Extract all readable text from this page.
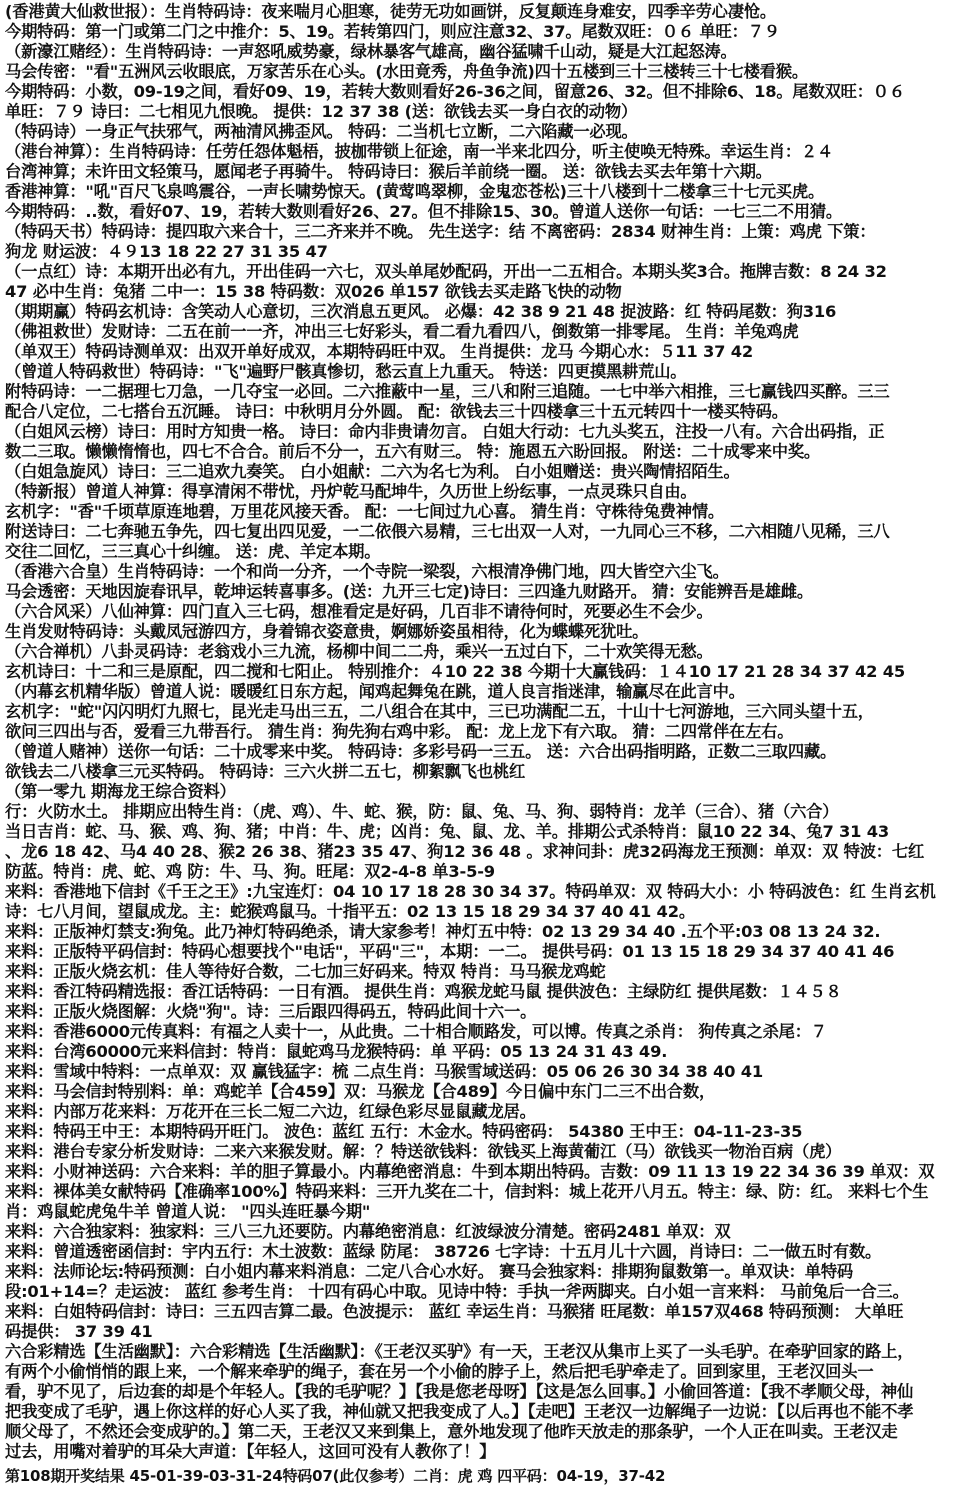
(香港黄大仙救世报）：生肖特码诗：夜来喘月心胆寒，徒劳无功如画饼，反复颠连身难安，四季辛劳心凄怆。
今期特码：第一门或第二门之中推介：5、19。若转第四门，则应注意32、37。尾数双旺：０６ 单旺：７９
（新濠江赌经）：生肖特码诗：一声怒吼威势豪，绿林暴客气雄高，幽谷猛啸千山动，疑是大江起怒涛。
马会传密："看"五洲风云收眼底，万家苦乐在心头。(水田竟秀，舟鱼争流)四十五楼到三十三楼转三十七楼看猴。
今期特码：小数，09-19之间，看好09、19，若转大数则看好26-36之间，留意26、32。但不排除6、18。尾数双旺：０６
单旺：７９ 诗曰：二七相见九恨晚。 提供：12 37 38 (送：欲钱去买一身白衣的动物）
（特码诗）一身正气扶邪气，两袖清风拂歪风。 特码：二当机七立断，二六陷藏一必现。
（港台神算）：生肖特码诗：任劳任怨体魁梧，披枷带锁上征途，南一半来北四分，听主使唤无特殊。幸运生肖：２４
台湾神算；未许田文轻策马，愿闻老子再骑牛。 特码诗曰：猴后羊前绕一圈。 送：欲钱去买去年第十六期。
香港神算："吼"百尺飞泉鸣震谷，一声长啸势惊天。(黄莺鸣翠柳，金鬼恋苍松)三十八楼到十二楼拿三十七元买虎。
今期特码：..数，看好07、19，若转大数则看好26、27。但不排除15、30。曾道人送你一句话：一七三二不用猜。
（特码天书）特码诗：提四取六来合十，三二齐来并不晚。 先生送字：结 不离密码：2834 财神生肖：上策：鸡虎 下策：
狗龙 财运波：４９13 18 22 27 31 35 47
（一点红）诗：本期开出必有九，开出佳码一六七，双头单尾妙配码，开出一二五相合。本期头奖3合。拖牌吉数：8 24 32
47 必中生肖：兔猪 二中一：15 38 特码数：双026 单157 欲钱去买走路飞快的动物
（期期赢）特码玄机诗：含笑动人心意切，三次消息五更风。 必爆：42 38 9 21 48 捉波路：红 特码尾数：狗316
（佛祖救世）发财诗：二五在前一一齐，冲出三七好彩头，看二看九看四八，倒数第一排零尾。 生肖：羊兔鸡虎
（单双王）特码诗测单双：出双开单好成双，本期特码旺中双。 生肖提供：龙马 今期心水：５11 37 42
（曾道人特码救世）特码诗："飞"遍野尸骸真惨切，愁云直上九重天。 特送：四更摸黑耕荒山。
附特码诗：一二据理七刀急，一几夺宝一必回。二六推蔽中一星，三八和附三追随。一七中举六相推，三七赢钱四买醉。三三
配合八定位，二七搭台五沉睡。 诗曰：中秋明月分外圆。 配：欲钱去三十四楼拿三十五元转四十一楼买特码。
（白姐风云榜）诗曰：用时方知贵一格。 诗曰：命内非贵请勿言。 白姐大行动：七九头奖五，注投一八有。六合出码指，正
数二三取。懒懒惰惰也，四七不合合。前后不分一，五六有财三。 特：施恩五六盼回报。 附送：二十成零来中奖。
（白姐急旋风）诗曰：三二追欢九奏笑。 白小姐献：二六为名七为利。 白小姐赠送：贵兴陶情招陌生。
（特新报）曾道人神算：得享清闲不带忧，丹炉乾马配坤牛，久历世上纷纭事，一点灵珠只自由。
玄机字："香"千顷草原连地碧，万里花风接天香。 配：一七间过九心喜。 猜生肖：守株待兔费神情。
附送诗曰：二七奔驰五争先，四七复出四见爱，一二依偎六易精，三七出双一人对，一九同心三不移，二六相随八见稀，三八
交往二回忆，三三真心十纠缠。 送：虎、羊定本期。
（香港六合皇）生肖特码诗：一个和尚一分齐，一个寺院一梁裂，六根清净佛门地，四大皆空六尘飞。
马会透密：天地因旋春讯早，乾坤运转喜事多。(送：九开三七定)诗曰：三四逢九财路开。 猜：安能辨吾是雄雌。
（六合风采）八仙神算：四门直入三七码，想准看定是好码，几百非不请待何时，死要必生不会少。
生肖发财特码诗：头戴凤冠游四方，身着锦衣姿意贵，婀娜娇姿虽相待，化为蝶蝶死犹吐。
（六合禅机）八卦灵码诗：老翁戏小三九流，杨柳中间二二舟，乘兴一五过白下，二十欢笑得无愁。
玄机诗曰：十二和三是原配，四二搅和七阳止。 特别推介：４10 22 38 今期十大赢钱码：１４10 17 21 28 34 37 42 45
（内幕玄机精华版）曾道人说：暖暖红日东方起，闻鸡起舞兔在跳，道人良言指迷津，输赢尽在此言中。
玄机字："蛇"闪闪明灯九照七，昆光走马出三五，二八组合在其中，三已功满配二五，十山十七河游地，三六同头望十五，
欲问三四出与否，爱看三九带吾行。 猜生肖：狗先狗右鸡中彩。 配：龙上龙下有六取。 猜：二四常伴在左右。
（曾道人赌神）送你一句话：二十成零来中奖。 特码诗：多彩号码一三五。 送：六合出码指明路，正数二三取四藏。
欲钱去二八楼拿三元买特码。 特码诗：三六火拼二五七，柳絮飘飞也桃红
（第一零九 期海龙王综合资料）
行：火防水土。 排期应出特生肖：（虎、鸡）、牛、蛇、猴，防：鼠、兔、马、狗、弱特肖：龙羊（三合）、猪（六合）
当日吉肖：蛇、马、猴、鸡、狗、猪；中肖：牛、虎；凶肖：兔、鼠、龙、羊。排期公式杀特肖：鼠10 22 34、兔7 31 43
、龙6 18 42、马4 40 28、猴2 26 38、猪23 35 47、狗12 36 48 。求神问卦：虎32码海龙王预测：单双：双 特波：七红
防蓝。特肖：虎、蛇、鸡 防：牛、马、狗。旺尾：双2-4-8 单3-5-9
来料：香港地下信封《千王之王》:九宝连灯：04 10 17 18 28 30 34 37。特码单双：双 特码大小：小 特码波色：红 生肖玄机
诗：七八月间，望鼠成龙。主：蛇猴鸡鼠马。十指平五：02 13 15 18 29 34 37 40 41 42。
来料：正版神灯禁支:狗兔。此乃神灯特码绝杀，请大家参考！神灯五中特：02 13 29 34 40 .五个平:03 08 13 24 32.
来料：正版特平码信封：特码心想要找个"电话"，平码"三"，本期：一二。 提供号码：01 13 15 18 29 34 37 40 41 46
来料：正版火烧玄机：佳人等待好合数，二七加三好码来。特双 特肖：马马猴龙鸡蛇
来料：香江特码精选报：香江话特码：一日有酒。 提供生肖：鸡猴龙蛇马鼠 提供波色：主绿防红 提供尾数：１４５８
来料：正版火烧图解：火烧"狗"。诗：三后跟四得码五，特码此间十六一。
来料：香港6000元传真料：有福之人卖十一，从此贵。二十相合顺路发，可以博。传真之杀肖： 狗传真之杀尾：７
来料：台湾60000元来料信封：特肖：鼠蛇鸡马龙猴特码：单 平码：05 13 24 31 43 49.
来料：雪域中特料：一点单双：双 赢钱猛字：梳 二点生肖：马猴雪域送码：05 06 26 30 34 38 40 41
来料：马会信封特别料：单：鸡蛇羊【合459】双：马猴龙【合489】今日偏中东门二三不出合数，
来料：内部万花来料：万花开在三长二短二六边，红绿色彩尽显鼠藏龙居。
来料：特码王中王：本期特码开旺门。 波色：蓝红 五行：木金水。特码密码： 54380 王中王：04-11-23-35
来料：港台专家分析发财诗：二来六来猴发财。解：？特送欲钱料：欲钱买上海黄葡江（马）欲钱买一物治百病（虎）
来料：小财神送码：六合来料：羊的胆子算最小。内幕绝密消息：牛到本期出特码。吉数：09 11 13 19 22 34 36 39 单双：双
来料：裸体美女献特码【准确率100%】特码来料：三开九奖在二十，信封料：城上花开八月五。特主：绿、防：红。 来料七个生
肖：鸡鼠蛇虎兔牛羊 曾道人说： "四头连旺暴今期"
来料：六合独家料：独家料：三八三九还要防。内幕绝密消息：红波绿波分清楚。密码2481 单双：双
来料：曾道透密函信封：宇内五行：木土波数：蓝绿 防尾： 38726 七字诗：十五月儿十六圆，肖诗曰：二一做五时有数。
来料：法师论坛:特码预测：白小姐内幕来料消息：二定八合心水好。 赛马会独家料：排期狗鼠数第一。单双诀：单特码
段:01+14=？走运波： 蓝红 参考生肖： 十四有码心中取。见诗中特：手执一斧两脚夹。白小姐一言来料： 马前兔后一合三。
来料：白姐特码信封：诗曰：三五四吉算二最。色波提示： 蓝红 幸运生肖：马猴猪 旺尾数：单157双468 特码预测： 大单旺
码提供： 37 39 41
六合彩精选【生活幽默】：六合彩精选【生活幽默】：《王老汉买驴》有一天，王老汉从集市上买了一头毛驴。在牵驴回家的路上，
有两个小偷悄悄的跟上来，一个解来牵驴的绳子，套在另一个小偷的脖子上，然后把毛驴牵走了。回到家里，王老汉回头一
看，驴不见了，后边套的却是个年轻人。【我的毛驴呢？】【我是您老母呀】【这是怎么回事。】小偷回答道：【我不孝顺父母，神仙
把我变成了毛驴，遇上你这样的好心人买了我，神仙就又把我变成了人。】【走吧】王老汉一边解绳子一边说：【以后再也不能不孝
顺父母了，不然还会变成驴的。】第二天，王老汉又来到集上，意外地发现了他昨天放走的那条驴，一个人正在叫卖。王老汉走
过去，用嘴对着驴的耳朵大声道：【年轻人，这回可没有人教你了！】
第108期开奖结果 45-01-39-03-31-24特码07(此仅参考）二肖：虎 鸡 四平码：04-19，37-42
